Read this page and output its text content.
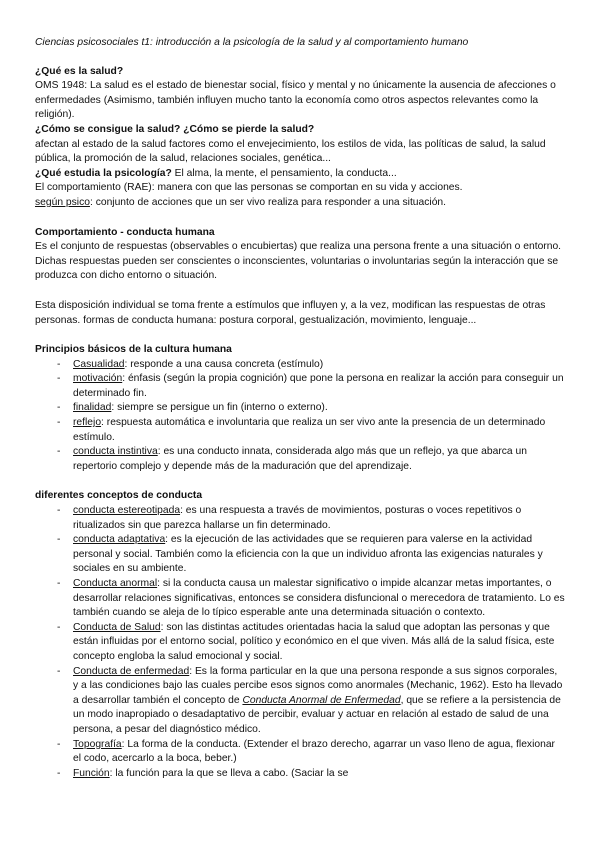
Ciencias psicosociales t1: introducción a la psicología de la salud y al comportamiento humano

¿Qué es la salud?

OMS 1948: La salud es el estado de bienestar social, físico y mental y no únicamente la ausencia de afecciones o enfermedades (Asimismo, también influyen mucho tanto la economía como otros aspectos relevantes como la religión).

¿Cómo se consigue la salud? ¿Cómo se pierde la salud?

afectan al estado de la salud factores como el envejecimiento, los estilos de vida, las políticas de salud, la salud pública, la promoción de la salud, relaciones sociales, genética...

¿Qué estudia la psicología? El alma, la mente, el pensamiento, la conducta...

El comportamiento (RAE): manera con que las personas se comportan en su vida y acciones.

según psico: conjunto de acciones que un ser vivo realiza para responder a una situación.

Comportamiento - conducta humana

Es el conjunto de respuestas (observables o encubiertas) que realiza una persona frente a una situación o entorno.

Dichas respuestas pueden ser conscientes o inconscientes, voluntarias o involuntarias según la interacción que se produzca con dicho entorno o situación.

Esta disposición individual se toma frente a estímulos que influyen y, a la vez, modifican las respuestas de otras personas. formas de conducta humana: postura corporal, gestualización, movimiento, lenguaje...

Principios básicos de la cultura humana

- Casualidad: responde a una causa concreta (estímulo)
- motivación: énfasis (según la propia cognición) que pone la persona en realizar la acción para conseguir un determinado fin.
- finalidad: siempre se persigue un fin (interno o externo).
- reflejo: respuesta automática e involuntaria que realiza un ser vivo ante la presencia de un determinado estímulo.
- conducta instintiva: es una conducto innata, considerada algo más que un reflejo, ya que abarca un repertorio complejo y depende más de la maduración que del aprendizaje.

diferentes conceptos de conducta

- conducta estereotipada: es una respuesta a través de movimientos, posturas o voces repetitivos o ritualizados sin que parezca hallarse un fin determinado.
- conducta adaptativa: es la ejecución de las actividades que se requieren para valerse en la actividad personal y social. También como la eficiencia con la que un individuo afronta las exigencias naturales y sociales en su ambiente.
- Conducta anormal: si la conducta causa un malestar significativo o impide alcanzar metas importantes, o desarrollar relaciones significativas, entonces se considera disfuncional o merecedora de tratamiento. Lo es también cuando se aleja de lo típico esperable ante una determinada situación o contexto.
- Conducta de Salud: son las distintas actitudes orientadas hacia la salud que adoptan las personas y que están influidas por el entorno social, político y económico en el que viven. Más allá de la salud física, este concepto engloba la salud emocional y social.
- Conducta de enfermedad: Es la forma particular en la que una persona responde a sus signos corporales, y a las condiciones bajo las cuales percibe esos signos como anormales (Mechanic, 1962). Esto ha llevado a desarrollar también el concepto de Conducta Anormal de Enfermedad, que se refiere a la persistencia de un modo inapropiado o desadaptativo de percibir, evaluar y actuar en relación al estado de salud de una persona, a pesar del diagnóstico médico.
- Topografía: La forma de la conducta. (Extender el brazo derecho, agarrar un vaso lleno de agua, flexionar el codo, acercarlo a la boca, beber.)
- Función: la función para la que se lleva a cabo. (Saciar la se
